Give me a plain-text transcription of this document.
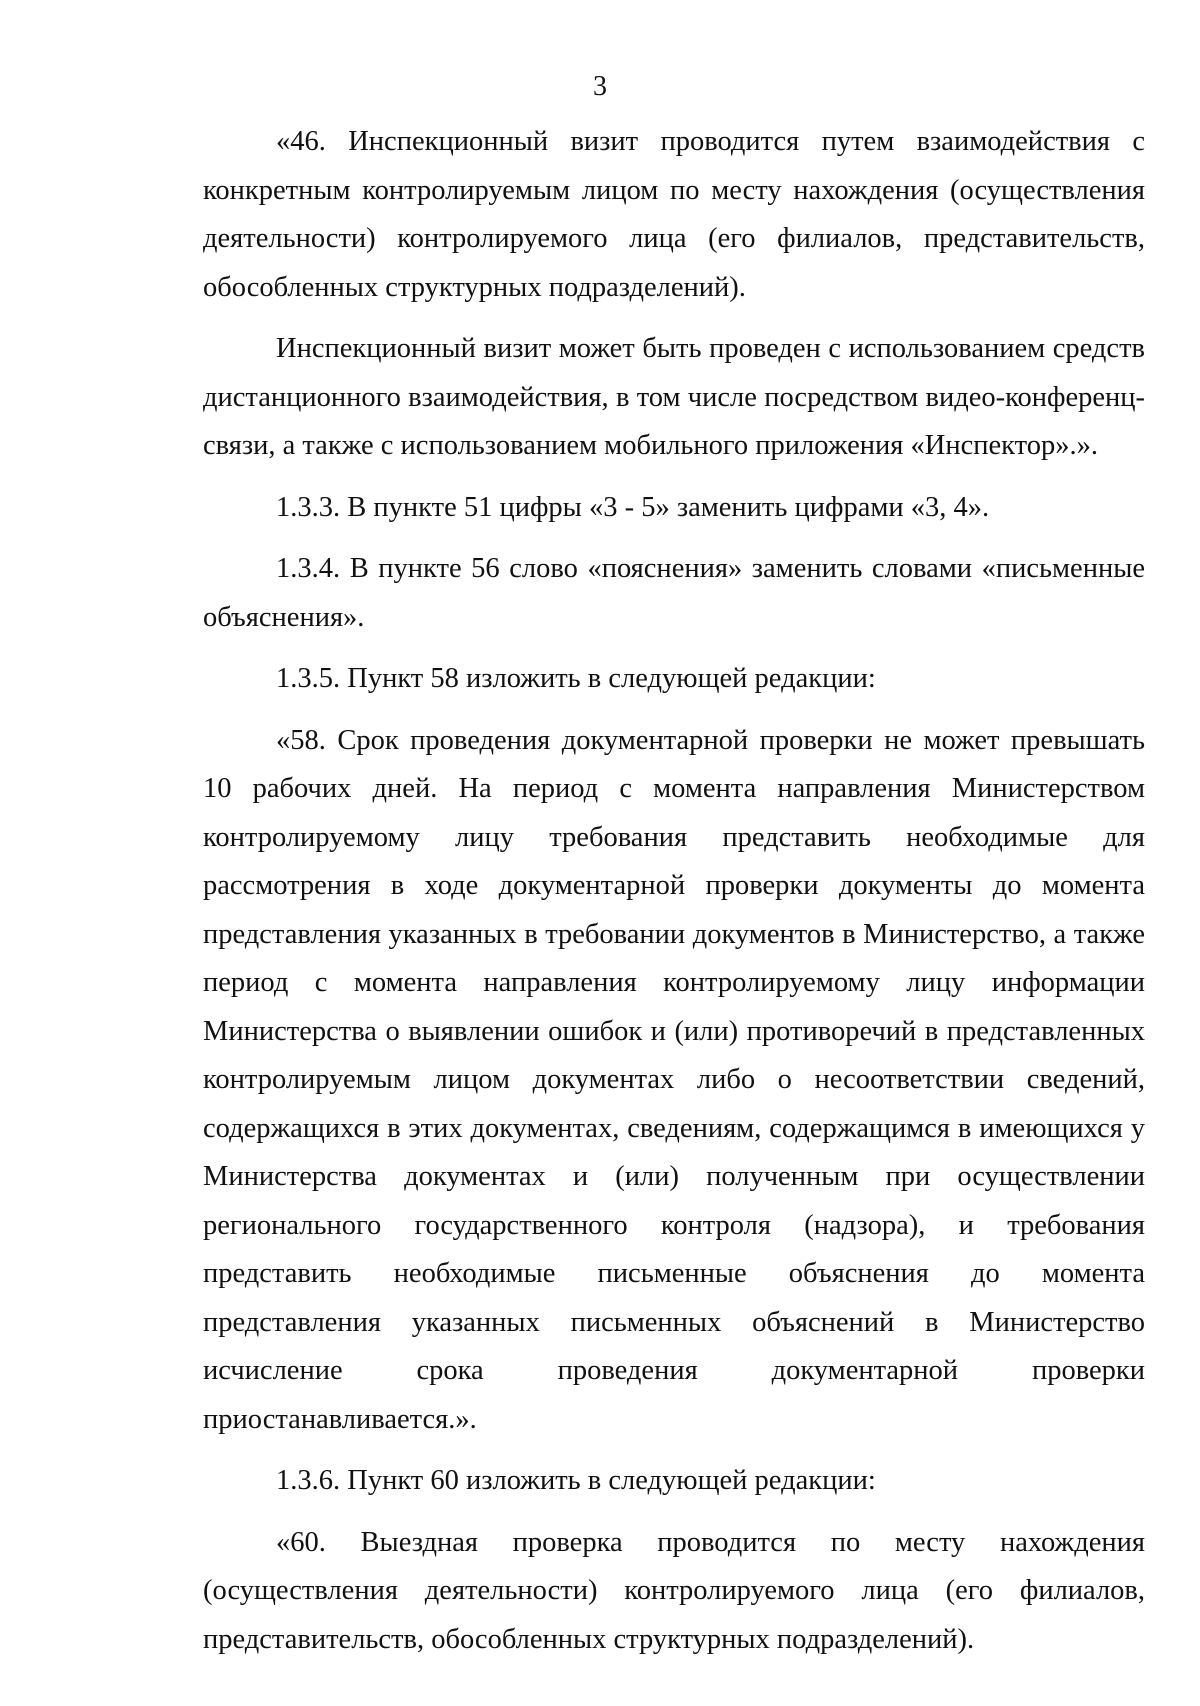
3

«46. Инспекционный визит проводится путем взаимодействия с конкретным контролируемым лицом по месту нахождения (осуществления деятельности) контролируемого лица (его филиалов, представительств, обособленных структурных подразделений).

Инспекционный визит может быть проведен с использованием средств дистанционного взаимодействия, в том числе посредством видео-конференц-связи, а также с использованием мобильного приложения «Инспектор».».

1.3.3. В пункте 51 цифры «3 - 5» заменить цифрами «3, 4».

1.3.4. В пункте 56 слово «пояснения» заменить словами «письменные объяснения».

1.3.5. Пункт 58 изложить в следующей редакции:

«58. Срок проведения документарной проверки не может превышать 10 рабочих дней. На период с момента направления Министерством контролируемому лицу требования представить необходимые для рассмотрения в ходе документарной проверки документы до момента представления указанных в требовании документов в Министерство, а также период с момента направления контролируемому лицу информации Министерства о выявлении ошибок и (или) противоречий в представленных контролируемым лицом документах либо о несоответствии сведений, содержащихся в этих документах, сведениям, содержащимся в имеющихся у Министерства документах и (или) полученным при осуществлении регионального государственного контроля (надзора), и требования представить необходимые письменные объяснения до момента представления указанных письменных объяснений в Министерство исчисление срока проведения документарной проверки приостанавливается.».

1.3.6. Пункт 60 изложить в следующей редакции:

«60. Выездная проверка проводится по месту нахождения (осуществления деятельности) контролируемого лица (его филиалов, представительств, обособленных структурных подразделений).
